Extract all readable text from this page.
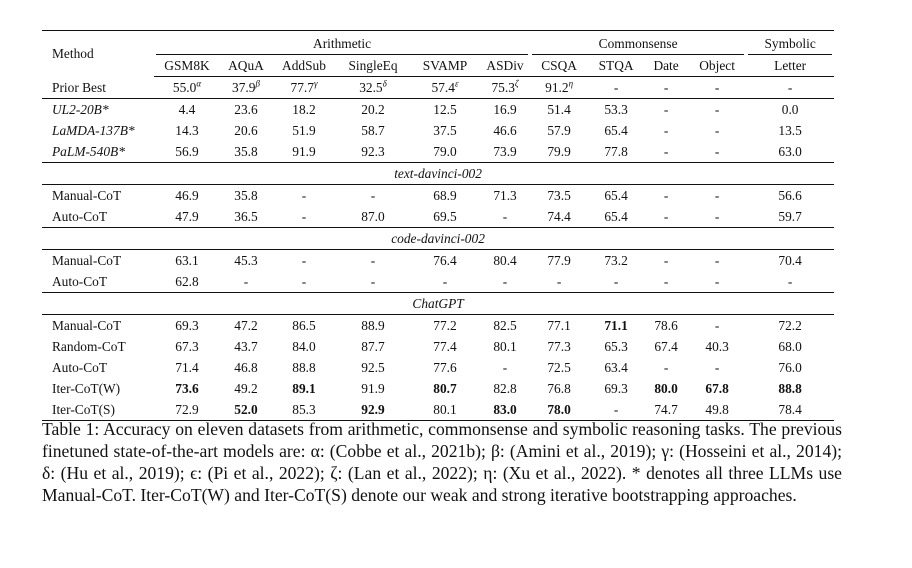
Method	Arithmetic						Commonsense				Symbolic
	GSM8K	AQuA	AddSub	SingleEq	SVAMP	ASDiv	CSQA	STQA	Date	Object	Letter
Prior Best	$55.0^\alpha$	$37.9^\beta$	$77.7^\gamma$	$32.5^\delta$	$57.4^\varepsilon$	$75.3^\zeta$	$91.2^\eta$	-	-	-	-
UL2-20B*	4.4	23.6	18.2	20.2	12.5	16.9	51.4	53.3	-	-	0.0
LaMDA-137B*	14.3	20.6	51.9	58.7	37.5	46.6	57.9	65.4	-	-	13.5
PaLM-540B*	56.9	35.8	91.9	92.3	79.0	73.9	79.9	77.8	-	-	63.0
text-davinci-002											
Manual-CoT	46.9	35.8	-	-	68.9	71.3	73.5	65.4	-	-	56.6
Auto-CoT	47.9	36.5	-	87.0	69.5	-	74.4	65.4	-	-	59.7
code-davinci-002											
Manual-CoT	63.1	45.3	-	-	76.4	80.4	77.9	73.2	-	-	70.4
Auto-CoT	62.8	-	-	-	-	-	-	-	-	-	-
ChatGPT											
Manual-CoT	69.3	47.2	86.5	88.9	77.2	82.5	77.1	71.1	78.6	-	72.2
Random-CoT	67.3	43.7	84.0	87.7	77.4	80.1	77.3	65.3	67.4	40.3	68.0
Auto-CoT	71.4	46.8	88.8	92.5	77.6	-	72.5	63.4	-	-	76.0
Iter-CoT(W)	73.6	49.2	89.1	91.9	80.7	82.8	76.8	69.3	80.0	67.8	88.8
Iter-CoT(S)	72.9	52.0	85.3	92.9	80.1	83.0	78.0	-	74.7	49.8	78.4
Table 1: Accuracy on eleven datasets from arithmetic, commonsense and symbolic reasoning tasks. The previous finetuned state-of-the-art models are: α: (Cobbe et al., 2021b); β: (Amini et al., 2019); γ: (Hosseini et al., 2014); δ: (Hu et al., 2019); ϵ: (Pi et al., 2022); ζ: (Lan et al., 2022); η: (Xu et al., 2022). * denotes all three LLMs use Manual-CoT. Iter-CoT(W) and Iter-CoT(S) denote our weak and strong iterative bootstrapping approaches.
